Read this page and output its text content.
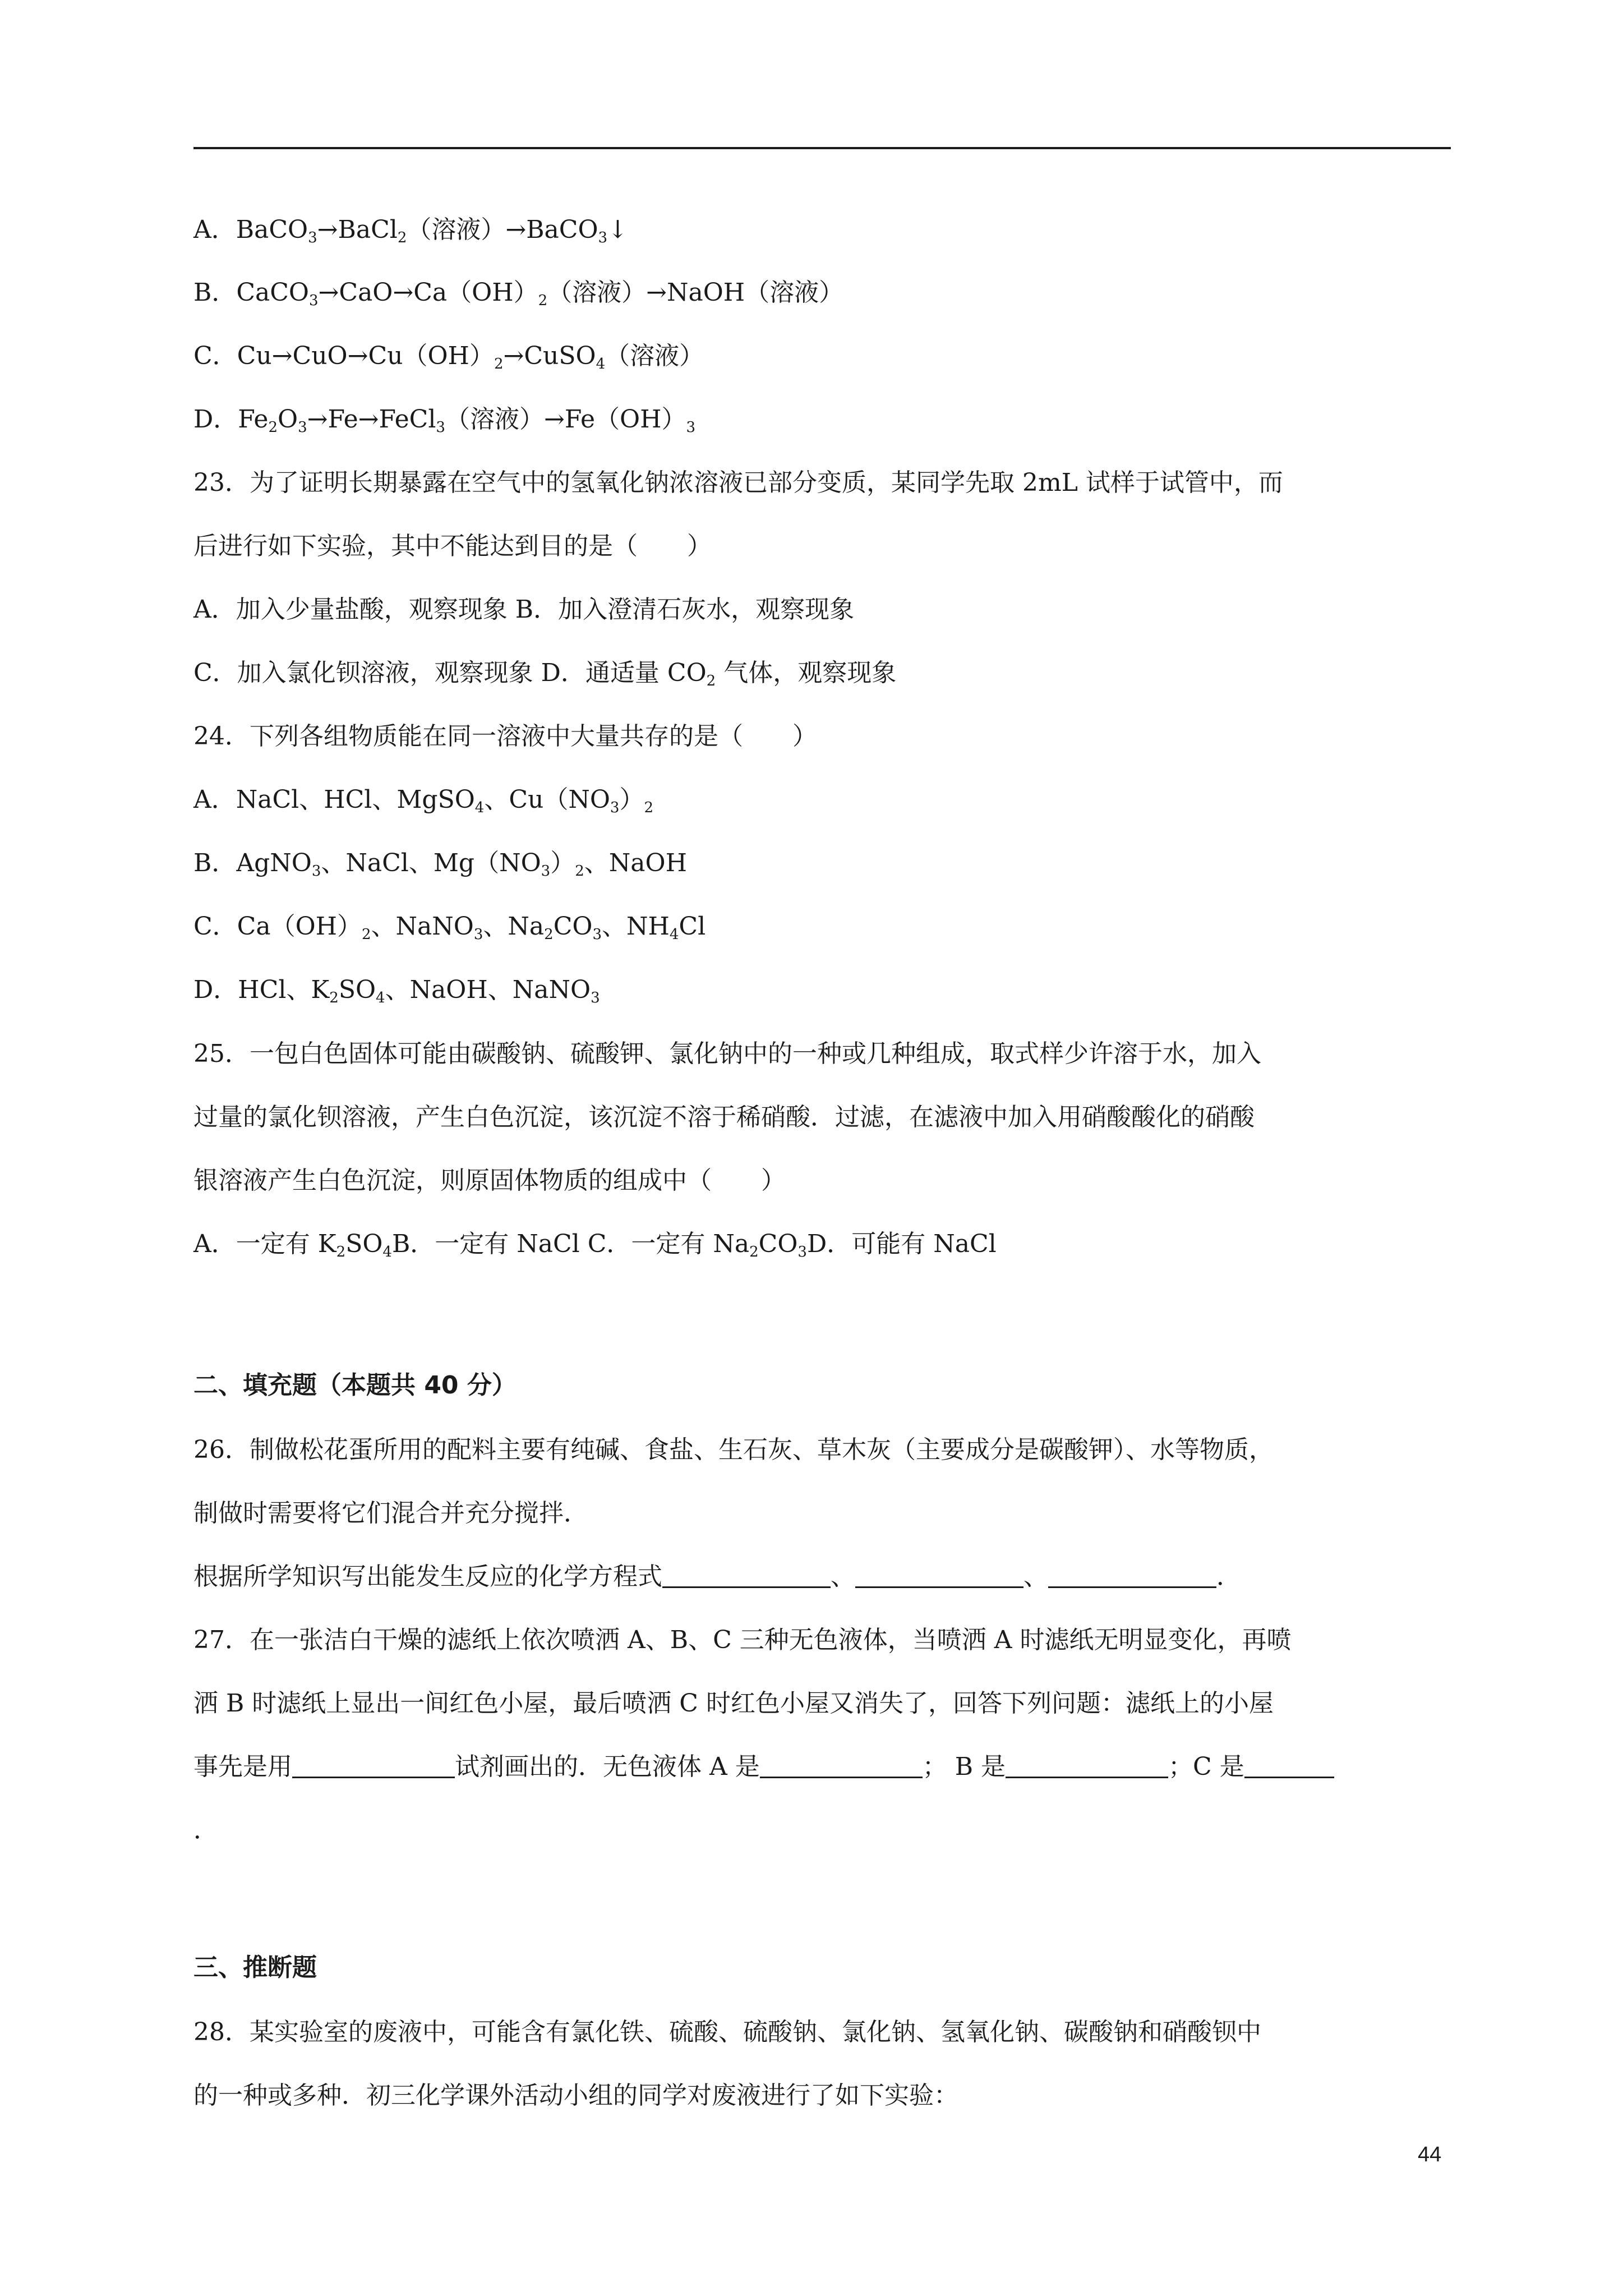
A．BaCO$_3$→BaCl$_2$（溶液）→BaCO$_3$↓
B．$CaCO_3\to CaO\to Ca(OH)_2$（溶液）→NaOH（溶液）
C．$Cu\to CuO\to Cu(OH)_2\to CuSO_4$（溶液）
D．$Fe_2O_3\to Fe\to FeCl_3$（溶液）$\to Fe(OH)_3$
23．为了证明长期暴露在空气中的氢氧化钠浓溶液已部分变质，某同学先取 2mL 试样于试管中，而
后进行如下实验，其中不能达到目的是（　　）
A．加入少量盐酸，观察现象 B．加入澄清石灰水，观察现象
C．加入氯化钡溶液，观察现象 D．通适量 $CO_2$ 气体，观察现象
24．下列各组物质能在同一溶液中大量共存的是（　　）
A．NaCl、HCl、MgSO$_4$、$Cu(NO_3)_2$
B．AgNO$_3$、NaCl、$Mg(NO_3)_2$、NaOH
C．$Ca(OH)_2$、NaNO$_3$、$Na_2CO_3$、$NH_4Cl$
D．HCl、$K_2SO_4$、NaOH、NaNO$_3$
25．一包白色固体可能由碳酸钠、硫酸钾、氯化钠中的一种或几种组成，取式样少许溶于水，加入
过量的氯化钡溶液，产生白色沉淀，该沉淀不溶于稀硝酸．过滤，在滤液中加入用硝酸酸化的硝酸
银溶液产生白色沉淀，则原固体物质的组成中（　　）
A．一定有 $K_2SO_4B$．一定有 NaCl C．一定有 $Na_2CO_3D$．可能有 NaCl
二、填充题（本题共 40 分）
26．制做松花蛋所用的配料主要有纯碱、食盐、生石灰、草木灰（主要成分是碳酸钾）、水等物质，
制做时需要将它们混合并充分搅拌．
根据所学知识写出能发生反应的化学方程式	、	、	．
27．在一张洁白干燥的滤纸上依次喷洒 A、B、C 三种无色液体，当喷洒 A 时滤纸无明显变化，再喷
洒 B 时滤纸上显出一间红色小屋，最后喷洒 C 时红色小屋又消失了，回答下列问题：滤纸上的小屋
事先是用	试剂画出的．无色液体 A 是	； B 是	；C 是
．
三、推断题
28．某实验室的废液中，可能含有氯化铁、硫酸、硫酸钠、氯化钠、氢氧化钠、碳酸钠和硝酸钡中
的一种或多种．初三化学课外活动小组的同学对废液进行了如下实验：
44
